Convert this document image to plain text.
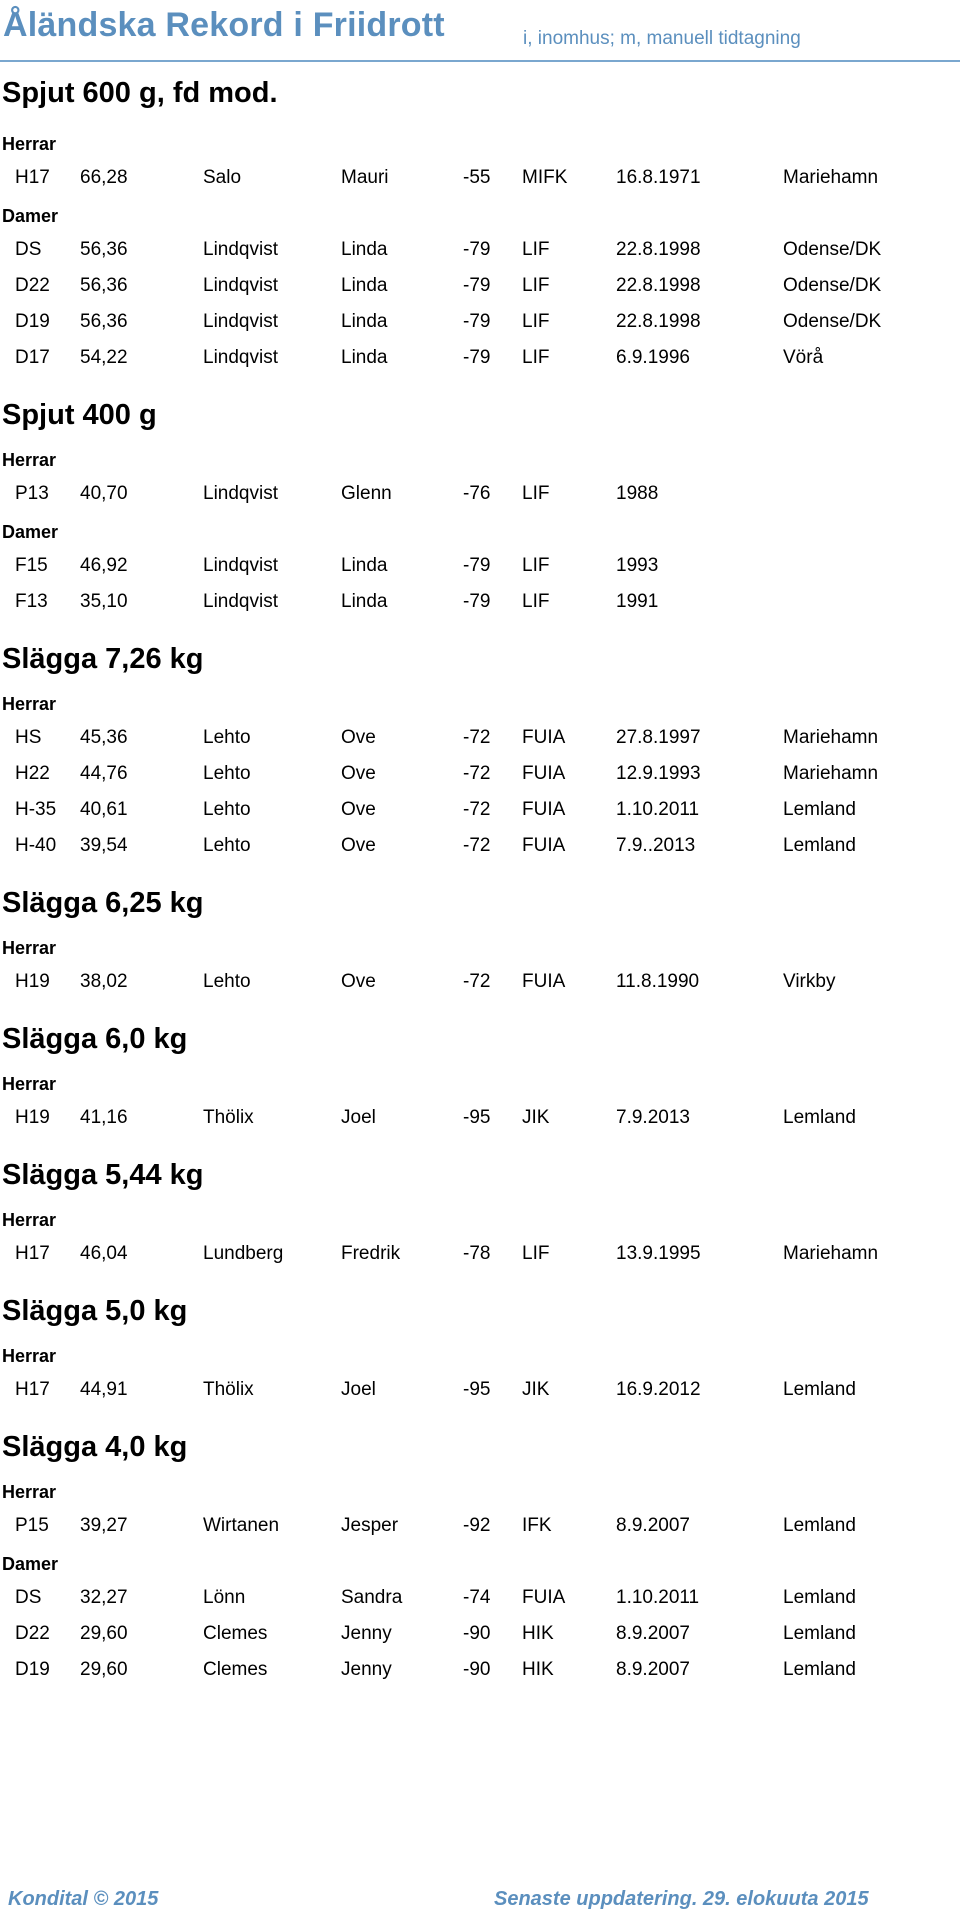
Åländska Rekord i Friidrott	i, inomhus; m, manuell tidtagning
Spjut 600 g, fd mod.
Herrar
H17 66,28	Salo	Mauri	-55 MIFK	16.8.1971	Mariehamn
Damer
DS 56,36	Lindqvist	Linda	-79 LIF	22.8.1998	Odense/DK
D22 56,36	Lindqvist	Linda	-79 LIF	22.8.1998	Odense/DK
D19 56,36	Lindqvist	Linda	-79 LIF	22.8.1998	Odense/DK
D17 54,22	Lindqvist	Linda	-79 LIF	6.9.1996	Vörå
Spjut 400 g
Herrar
P13 40,70	Lindqvist	Glenn	-76 LIF	1988
Damer
F15 46,92	Lindqvist	Linda	-79 LIF	1993
F13 35,10	Lindqvist	Linda	-79 LIF	1991
Slägga 7,26 kg
Herrar
HS 45,36	Lehto	Ove	-72 FUIA	27.8.1997	Mariehamn
H22 44,76	Lehto	Ove	-72 FUIA	12.9.1993	Mariehamn
H-35 40,61	Lehto	Ove	-72 FUIA	1.10.2011	Lemland
H-40 39,54	Lehto	Ove	-72 FUIA	7.9..2013	Lemland
Slägga 6,25 kg
Herrar
H19 38,02	Lehto	Ove	-72 FUIA	11.8.1990	Virkby
Slägga 6,0 kg
Herrar
H19 41,16	Thölix	Joel	-95 JIK	7.9.2013	Lemland
Slägga 5,44 kg
Herrar
H17 46,04	Lundberg	Fredrik	-78 LIF	13.9.1995	Mariehamn
Slägga 5,0 kg
Herrar
H17 44,91	Thölix	Joel	-95 JIK	16.9.2012	Lemland
Slägga 4,0 kg
Herrar
P15 39,27	Wirtanen	Jesper	-92 IFK	8.9.2007	Lemland
Damer
DS 32,27	Lönn	Sandra	-74 FUIA	1.10.2011	Lemland
D22 29,60	Clemes	Jenny	-90 HIK	8.9.2007	Lemland
D19 29,60	Clemes	Jenny	-90 HIK	8.9.2007	Lemland
Kondital © 2015	Senaste uppdatering. 29. elokuuta 2015
